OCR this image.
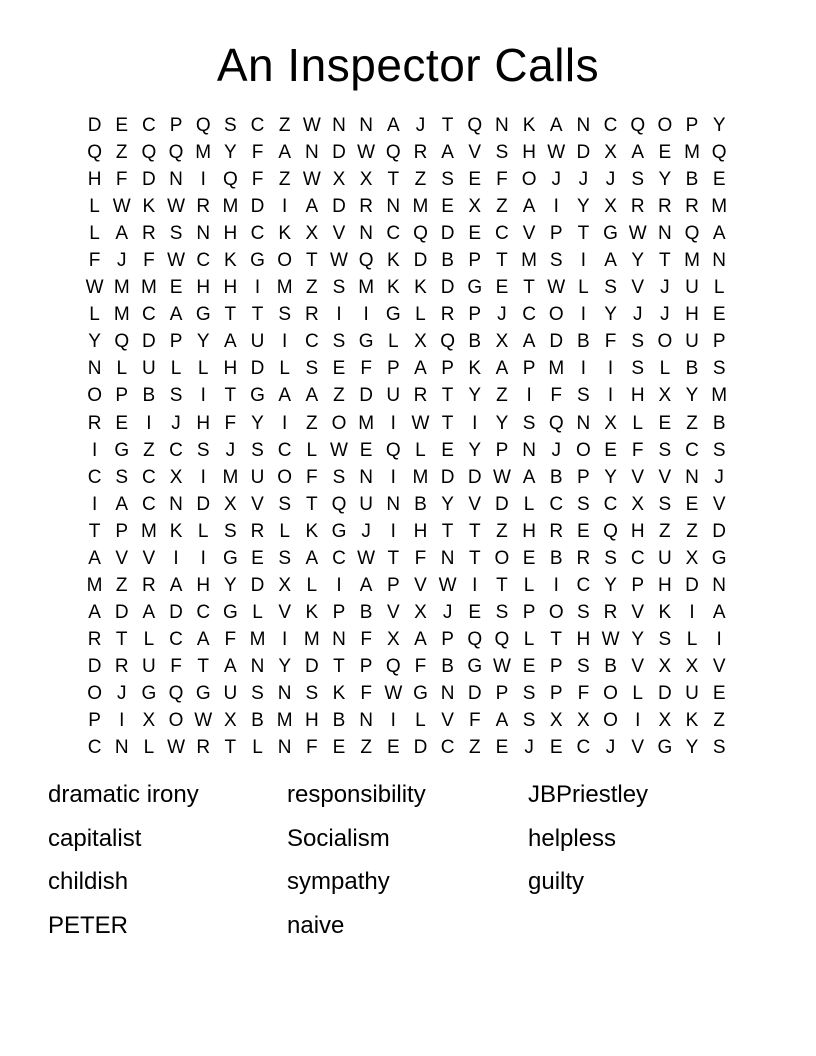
An Inspector Calls
D E C P Q S C Z W N N A J T Q N K A N C Q O P Y
Q Z Q Q M Y F A N D W Q R A V S H W D X A E M Q
H F D N I Q F Z W X X T Z S E F O J J J S Y B E
L W K W R M D I A D R N M E X Z A I Y X R R R M
L A R S N H C K X V N C Q D E C V P T G W N Q A
F J F W C K G O T W Q K D B P T M S I A Y T M N
W M M E H H I M Z S M K K D G E T W L S V J U L
L M C A G T T S R I	I G L R P J C O I Y J J H E
Y Q D P Y A U I C S G L X Q B X A D B F S O U P
N L U L L H D L S E F P A P K A P M I	I S L B S
O P B S I T G A A Z D U R T Y Z I F S I H X Y M
R E I	J H F Y I Z O M I W T I Y S Q N X L E Z B
I G Z C S J S C L W E Q L E Y P N J O E F S C S
C S C X I M U O F S N I M D D W A B P Y V V N J
I A C N D X V S T Q U N B Y V D L C S C X S E V
T P M K L S R L K G J	I H T T Z H R E Q H Z Z D
A V V I	I G E S A C W T F N T O E B R S C U X G
M Z R A H Y D X L	I A P V W I T L	I C Y P H D N
A D A D C G L V K P B V X J E S P O S R V K I A
R T L C A F M I M N F X A P Q Q L T H W Y S L	I
D R U F T A N Y D T P Q F B G W E P S B V X X V
O J G Q G U S N S K F W G N D P S P F O L D U E
P I X O W X B M H B N I	L V F A S X X O I X K Z
C N L W R T L N F E Z E D C Z E J E C J V G Y S
dramatic irony
capitalist
childish
PETER
responsibility
Socialism
sympathy
naive
JBPriestley
helpless
guilty
